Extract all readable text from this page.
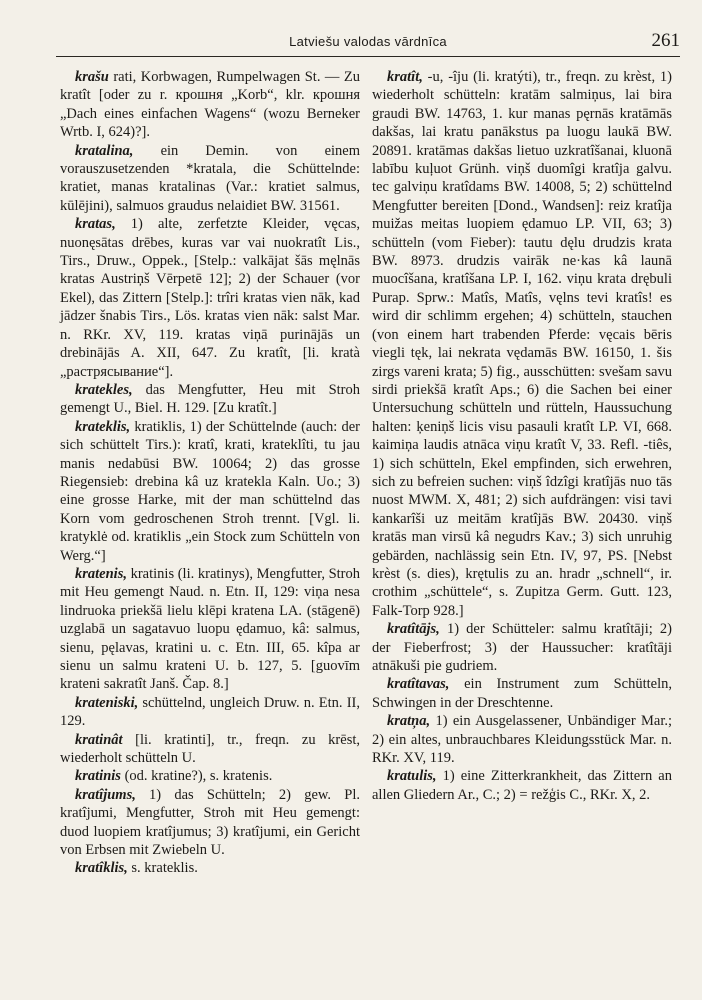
Latviešu valodas vārdnīca	261

krašu rati, Korbwagen, Rumpelwagen St. — Zu kratît [oder zu r. кpошня „Korb“, klr. кpошня „Dach eines einfachen Wagens“ (wozu Berneker Wrtb. I, 624)?].

kratalina, ein Demin. von einem vorauszusetzenden *kratala, die Schüttelnde: kratiet, manas kratalinas (Var.: kratiet salmus, kūlējini), salmuos graudus nelaidiet BW. 31561.

kratas, 1) alte, zerfetzte Kleider, vęcas, nuonęsātas drēbes, kuras var vai nuokratît Lis., Tirs., Druw., Oppek., [Stelp.: valkājat šās męlnās kratas Austriņš Vērpetē 12]; 2) der Schauer (vor Ekel), das Zittern [Stelp.]: trîri kratas vien nāk, kad jādzer šnabis Tirs., Lös. kratas vien nāk: salst Mar. n. RKr. XV, 119. kratas viņā purinājās un drebinājās A. XII, 647. Zu kratît, [li. kratà „растрясываниe“].

kratekles, das Mengfutter, Heu mit Stroh gemengt U., Biel. H. 129. [Zu kratît.]

krateklis, kratiklis, 1) der Schüttelnde (auch: der sich schüttelt Tirs.): kratî, krati, krateklîti, tu jau manis nedabūsi BW. 10064; 2) das grosse Riegensieb: drebina kâ uz kratekla Kaln. Uo.; 3) eine grosse Harke, mit der man schüttelnd das Korn vom gedroschenen Stroh trennt. [Vgl. li. kratyklė od. kratiklis „ein Stock zum Schütteln von Werg.“]

kratenis, kratinis (li. kratinys), Mengfutter, Stroh mit Heu gemengt Naud. n. Etn. II, 129: viņa nesa lindruoka priekšā lielu klēpi kratena LA. (stāgenē) uzglabā un sagatavuo luopu ędamuo, kâ: salmus, sienu, pęlavas, kratini u. c. Etn. III, 65. kîpa ar sienu un salmu krateni U. b. 127, 5. [guovīm krateni sakratît Janš. Čap. 8.]

krateniski, schüttelnd, ungleich Druw. n. Etn. II, 129.

kratinât [li. kratinti], tr., freqn. zu krēst, wiederholt schütteln U.

kratinis (od. kratine?), s. kratenis.

kratîjums, 1) das Schütteln; 2) gew. Pl. kratîjumi, Mengfutter, Stroh mit Heu gemengt: duod luopiem kratîjumus; 3) kratîjumi, ein Gericht von Erbsen mit Zwiebeln U.

kratîklis, s. krateklis.

kratît, -u, -îju (li. kratýti), tr., freqn. zu krèst, 1) wiederholt schütteln: kratām salmiņus, lai bira graudi BW. 14763, 1. kur manas pęrnās kratāmās dakšas, lai kratu panākstus pa luogu laukā BW. 20891. kratāmas dakšas lietuo uzkratîšanai, kluonā labību kuļuot Grünh. viņš duomîgi kratîja galvu. tec galviņu kratîdams BW. 14008, 5; 2) schüttelnd Mengfutter bereiten [Dond., Wandsen]: reiz kratîja muižas meitas luopiem ędamuo LP. VII, 63; 3) schütteln (vom Fieber): tautu dęlu drudzis krata BW. 8973. drudzis vairāk ne·kas kâ launā muocîšana, kratîšana LP. I, 162. viņu krata drębuli Purap. Sprw.: Matîs, Matîs, vęlns tevi kratîs! es wird dir schlimm ergehen; 4) schütteln, stauchen (von einem hart trabenden Pferde: vęcais bēris viegli tęk, lai nekrata vędamās BW. 16150, 1. šis zirgs vareni krata; 5) fig., ausschütten: svešam savu sirdi priekšā kratît Aps.; 6) die Sachen bei einer Untersuchung schütteln und rütteln, Haussuchung halten: ķeniņš licis visu pasauli kratît LP. VI, 668. kaimiņa laudis atnāca viņu kratît V, 33. Refl. -tiês, 1) sich schütteln, Ekel empfinden, sich erwehren, sich zu befreien suchen: viņš îdzîgi kratîjās nuo tās nuost MWM. X, 481; 2) sich aufdrängen: visi tavi kankarîši uz meitām kratîjās BW. 20430. viņš kratās man virsū kâ negudrs Kav.; 3) sich unruhig gebärden, nachlässig sein Etn. IV, 97, PS. [Nebst krèst (s. dies), krętulis zu an. hradr „schnell“, ir. crothim „schüttele“, s. Zupitza Germ. Gutt. 123, Falk-Torp 928.]

kratîtājs, 1) der Schütteler: salmu kratîtāji; 2) der Fieberfrost; 3) der Haussucher: kratîtāji atnākuši pie gudriem.

kratîtavas, ein Instrument zum Schütteln, Schwingen in der Dreschtenne.

kratņa, 1) ein Ausgelassener, Unbändiger Mar.; 2) ein altes, unbrauchbares Kleidungsstück Mar. n. RKr. XV, 119.

kratulis, 1) eine Zitterkrankheit, das Zittern an allen Gliedern Ar., C.; 2) = režģis C., RKr. X, 2.
